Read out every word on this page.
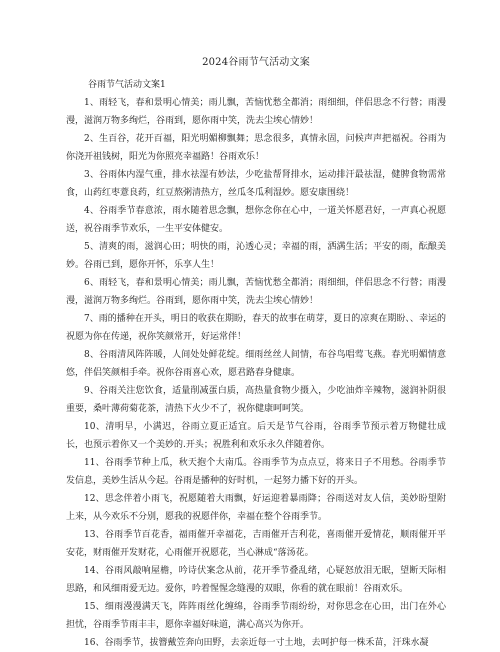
2024谷雨节气活动文案
谷雨节气活动文案1

1、雨轻飞，春和景明心情美；雨儿飘，苦恼忧愁全都消；雨细细，伴侣思念不行替；雨漫漫，滋润万物多绚烂，谷雨到，愿你雨中笑，洗去尘埃心情妙！

2、生百谷，花开百福，阳光明媚柳飘舞；思念很多，真情永固，问候声声把福祝。谷雨为你浇开祖钱树，阳光为你照亮幸福路！谷雨欢乐！

3、谷雨体内湿气重，排水祛湿有妙法，少吃盐帮肾排水，运动排汗最祛湿，健脾食物需常食，山药红枣薏良药，红豆熬粥清热方，丝瓜冬瓜利湿妙。愿安康围绕！

4、谷雨季节春意浓，雨水随着思念飘，想你念你在心中，一道关怀愿君好，一声真心祝愿送，祝谷雨季节欢乐，一生平安体健安。

5、清爽的雨，滋润心田；明快的雨，沁透心灵；幸福的雨，洒满生活；平安的雨，酝酿美妙。谷雨已到，愿你开怀，乐享人生！

6、雨轻飞，春和景明心情美；雨儿飘，苦恼忧愁全都消；雨细细，伴侣思念不行替；雨漫漫，滋润万物多绚烂。谷雨到，愿你雨中笑，洗去尘埃心情妙！

7、雨的播种在开头，明日的收获在期盼，春天的故事在萌芽，夏日的凉爽在期盼、、幸运的祝愿为你在传递，祝你笑颜常开，好运常伴！

8、谷雨清风阵阵暖，人间处处鲜花绽。细雨丝丝人间情，布谷鸟唱莺飞燕。春光明媚情意悠，伴侣笑颜相手牵。祝你谷雨喜心欢，愿君路春身健康。

9、谷雨关注您饮食，适量削减蛋白质，高热量食物少摄入，少吃油炸辛辣物，滋润补阴很重要，桑叶薄荷菊花茶，清热下火少不了，祝你健康呵呵笑。

10、清明早，小满迟，谷雨立夏正适宜。后天是节气谷雨，谷雨季节预示着万物健壮成长，也预示着你又一个美妙的.开头；祝胜利和欢乐永久伴随着你。

11、谷雨季节种上瓜，秋天抱个大南瓜。谷雨季节为点点豆，将来日子不用愁。谷雨季节发信息，美妙生活从今起。谷雨是播种的好时机，一起努力播下好的开头。

12、思念伴着小雨飞，祝愿随着大雨飘，好运迎着暴雨降；谷雨送对友人信，美妙盼望附上来，从今欢乐不分别，愿我的祝愿伴你，幸福在整个谷雨季节。

13、谷雨季节百花香，福雨催开幸福花，吉雨催开吉利花，喜雨催开爱情花，顺雨催开平安花，财雨催开发财花，心雨催开祝愿花，当心淋成“落汤花。

14、谷雨风敲响屋檐，吟诗伏案念从前，花开季节叠乱绪，心疑怒放泪无眠，望断天际相思路，和风细雨爱无边。爱你，吟着惺惺念缝漫的双眼，你看的就在眼前！谷雨欢乐。

15、细雨漫漫满天飞，阵阵雨丝化缠绵，谷雨季节雨纷纷，对你思念在心田，出门在外心担忧，谷雨季节雨丰丰，愿你幸福好味道，满心高兴为你开。

16、谷雨季节，拔簪戴笠奔向田野，去亲近每一寸土地，去呵护每一株禾苗，汗珠水凝
